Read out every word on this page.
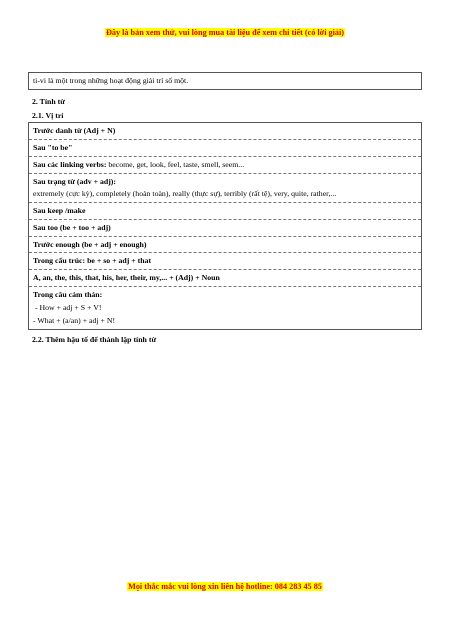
Đây là bản xem thử, vui lòng mua tài liệu để xem chi tiết (có lời giải)
ti-vi là một trong những hoạt động giải trí số một.
2. Tính từ
2.1. Vị trí
Trước danh từ (Adj + N)
Sau "to be"
Sau các linking verbs: become, get, look, feel, taste, smell, seem...
Sau trạng từ (adv + adj):
extremely (cực kỳ), completely (hoàn toàn), really (thực sự), terribly (rất tệ), very, quite, rather,...
Sau keep /make
Sau too (be + too + adj)
Trước enough (be + adj + enough)
Trong cấu trúc: be + so + adj + that
A, an, the, this, that, his, her, their, my,... + (Adj) + Noun
Trong câu cảm thán:
- How + adj + S + V!
- What + (a/an) + adj + N!
2.2. Thêm hậu tố để thành lập tính từ
Mọi thắc mắc vui lòng xin liên hệ hotline: 084 283 45 85
